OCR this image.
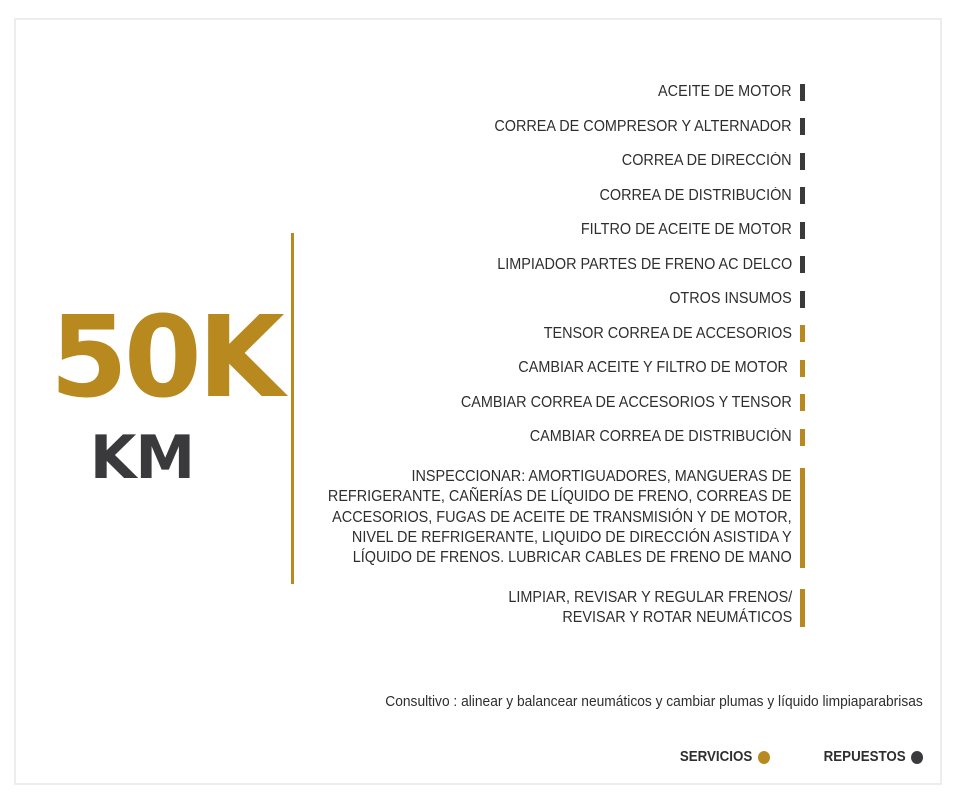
50K
KM
ACEITE DE MOTOR
CORREA DE COMPRESOR Y ALTERNADOR
CORREA DE DIRECCIÓN
CORREA DE DISTRIBUCIÓN
FILTRO DE ACEITE DE MOTOR
LIMPIADOR PARTES DE FRENO AC DELCO
OTROS INSUMOS
TENSOR CORREA DE ACCESORIOS
CAMBIAR ACEITE Y FILTRO DE MOTOR
CAMBIAR CORREA DE ACCESORIOS Y TENSOR
CAMBIAR CORREA DE DISTRIBUCIÓN
INSPECCIONAR: AMORTIGUADORES, MANGUERAS DE
REFRIGERANTE, CAÑERÍAS DE LÍQUIDO DE FRENO, CORREAS DE
ACCESORIOS, FUGAS DE ACEITE DE TRANSMISIÓN Y DE MOTOR,
NIVEL DE REFRIGERANTE, LIQUIDO DE DIRECCIÓN ASISTIDA Y
LÍQUIDO DE FRENOS. LUBRICAR CABLES DE FRENO DE MANO
LIMPIAR, REVISAR Y REGULAR FRENOS/
REVISAR Y ROTAR NEUMÁTICOS
Consultivo : alinear y balancear neumáticos y cambiar plumas y líquido limpiaparabrisas
SERVICIOS	REPUESTOS
